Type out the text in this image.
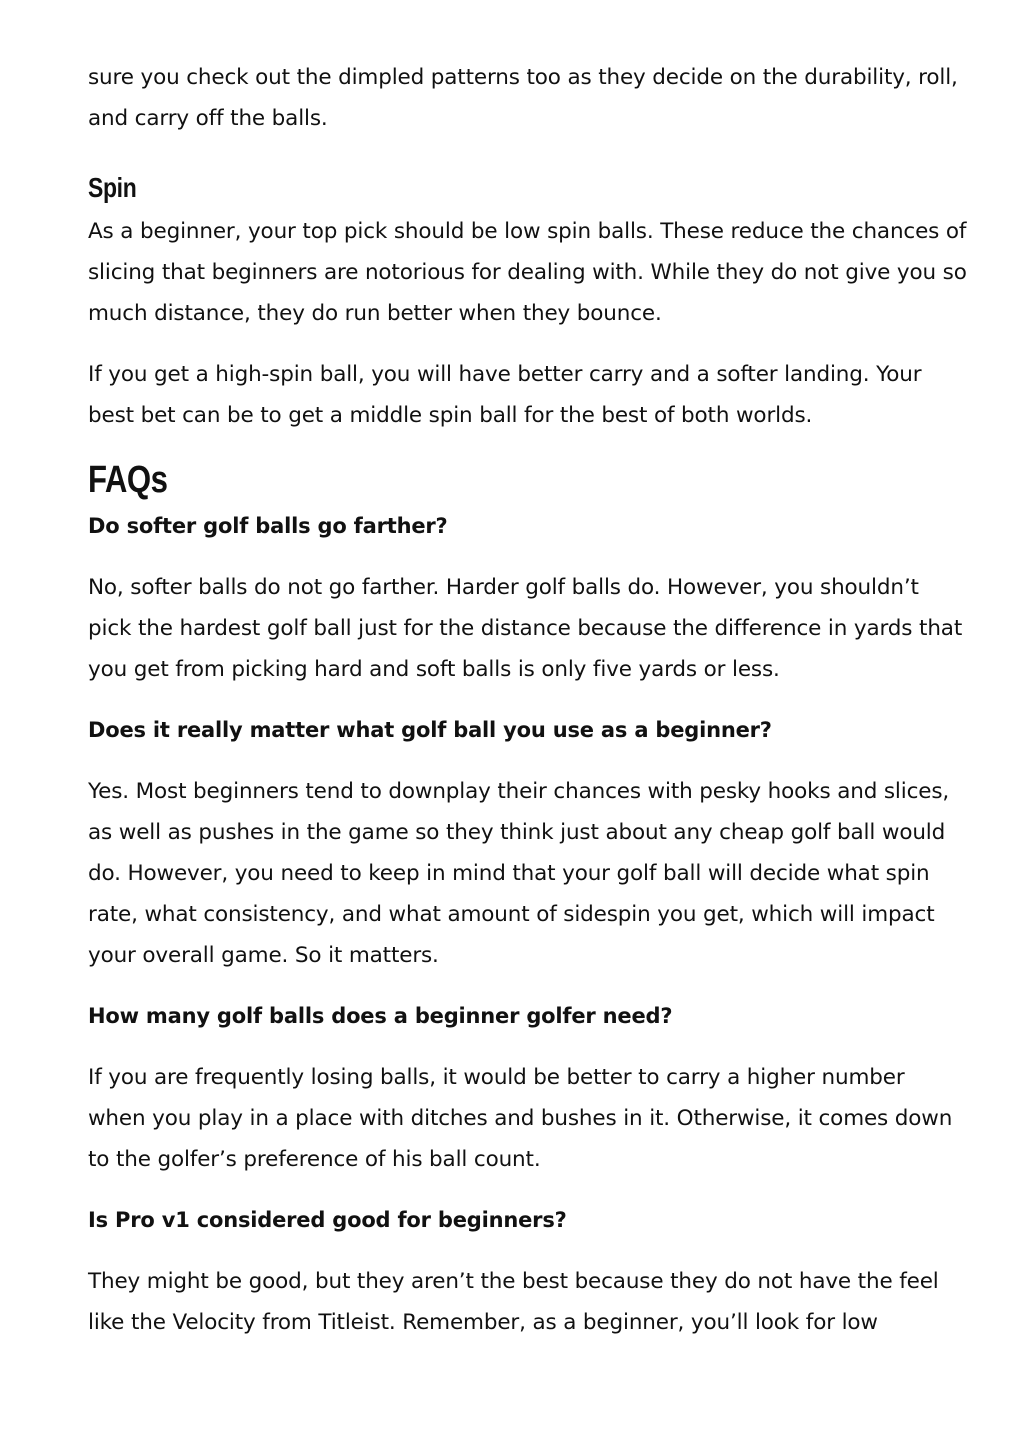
sure you check out the dimpled patterns too as they decide on the durability, roll, and carry off the balls.

Spin

As a beginner, your top pick should be low spin balls. These reduce the chances of slicing that beginners are notorious for dealing with. While they do not give you so much distance, they do run better when they bounce.

If you get a high-spin ball, you will have better carry and a softer landing. Your best bet can be to get a middle spin ball for the best of both worlds.

FAQs
Do softer golf balls go farther?

No, softer balls do not go farther. Harder golf balls do. However, you shouldn’t pick the hardest golf ball just for the distance because the difference in yards that you get from picking hard and soft balls is only five yards or less.

Does it really matter what golf ball you use as a beginner?

Yes. Most beginners tend to downplay their chances with pesky hooks and slices, as well as pushes in the game so they think just about any cheap golf ball would do. However, you need to keep in mind that your golf ball will decide what spin rate, what consistency, and what amount of sidespin you get, which will impact your overall game. So it matters.

How many golf balls does a beginner golfer need?

If you are frequently losing balls, it would be better to carry a higher number when you play in a place with ditches and bushes in it. Otherwise, it comes down to the golfer’s preference of his ball count.

Is Pro v1 considered good for beginners?

They might be good, but they aren’t the best because they do not have the feel like the Velocity from Titleist. Remember, as a beginner, you’ll look for low
